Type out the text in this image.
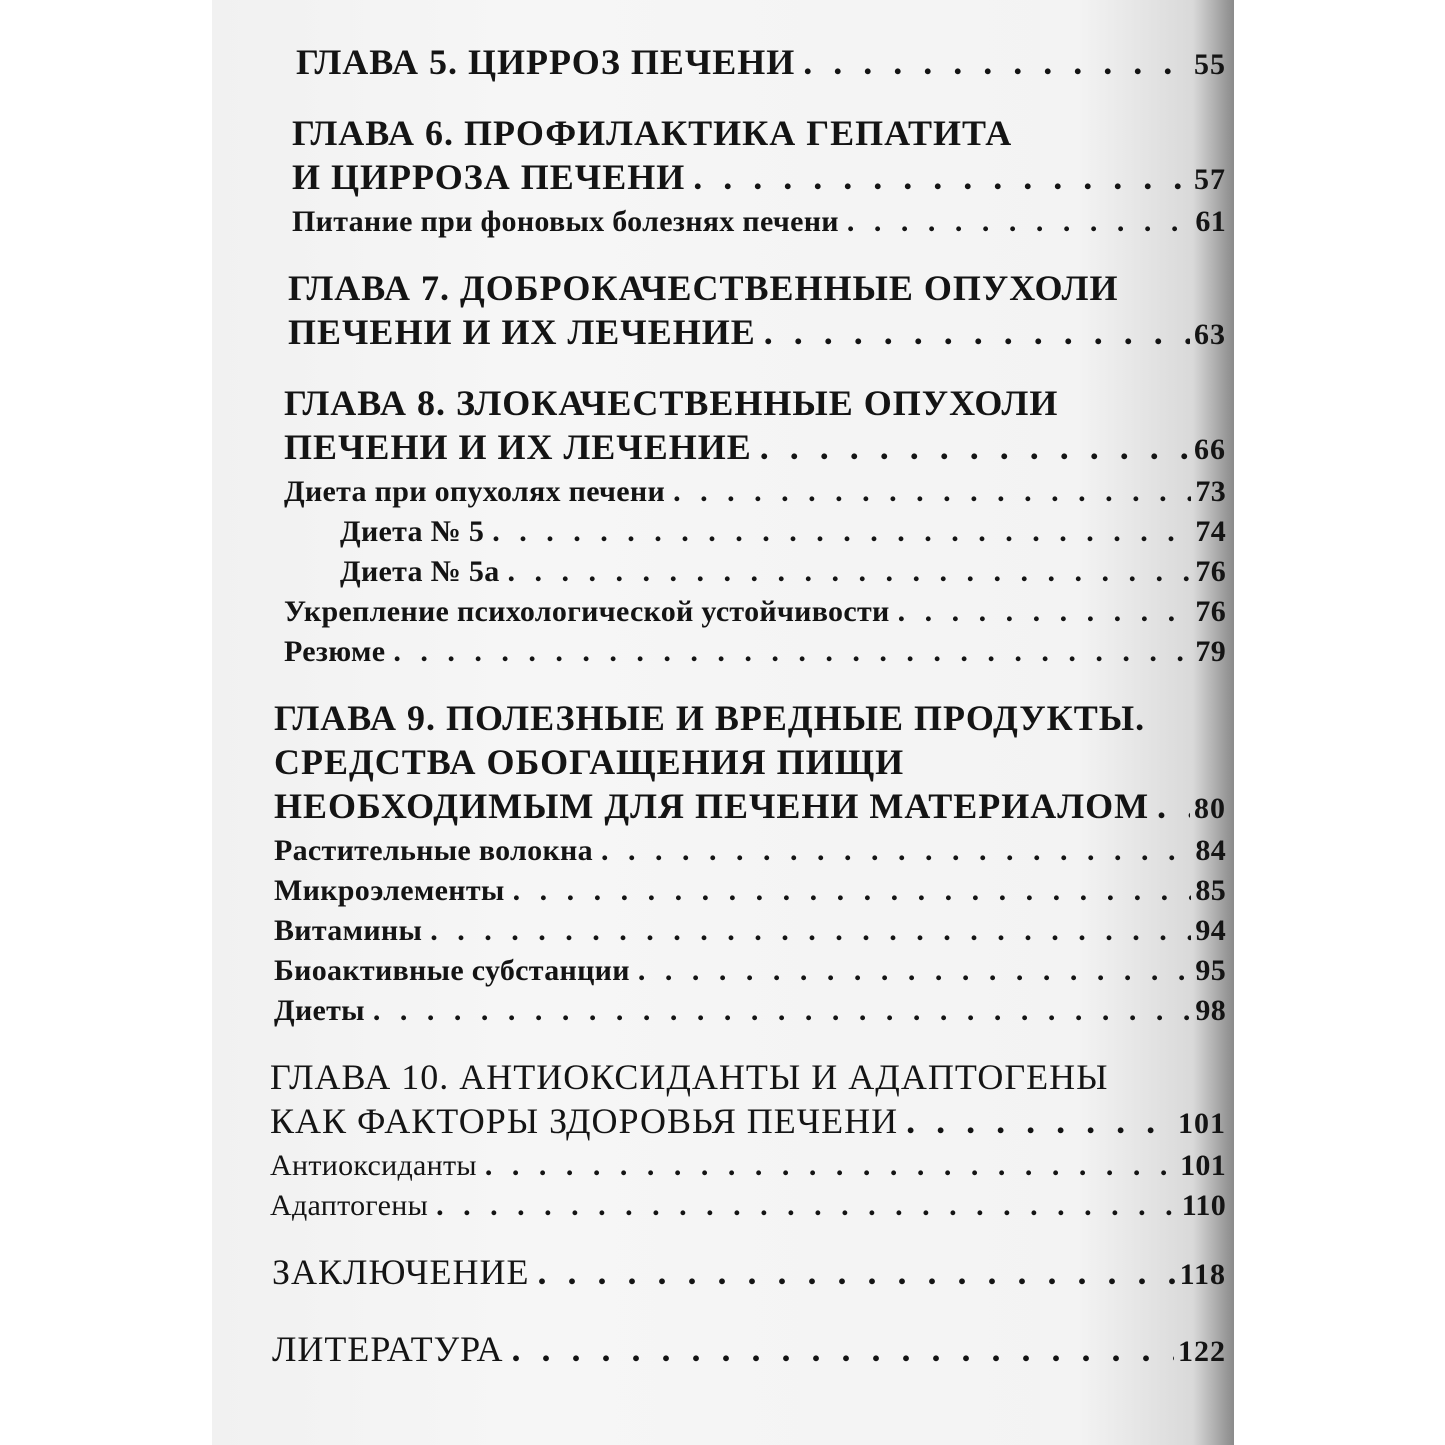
ГЛАВА 5. ЦИРРОЗ ПЕЧЕНИ . . .	55
ГЛАВА 6. ПРОФИЛАКТИКА ГЕПАТИТА
И ЦИРРОЗА ПЕЧЕНИ . . .	57
Питание при фоновых болезнях печени . . .	61
ГЛАВА 7. ДОБРОКАЧЕСТВЕННЫЕ ОПУХОЛИ
ПЕЧЕНИ И ИХ ЛЕЧЕНИЕ . . .	63
ГЛАВА 8. ЗЛОКАЧЕСТВЕННЫЕ ОПУХОЛИ
ПЕЧЕНИ И ИХ ЛЕЧЕНИЕ . . .	66
Диета при опухолях печени . . .	73
Диета № 5 . . .	74
Диета № 5а . . .	76
Укрепление психологической устойчивости . . .	76
Резюме . . .	79
ГЛАВА 9. ПОЛЕЗНЫЕ И ВРЕДНЫЕ ПРОДУКТЫ.
СРЕДСТВА ОБОГАЩЕНИЯ ПИЩИ
НЕОБХОДИМЫМ ДЛЯ ПЕЧЕНИ МАТЕРИАЛОМ . . . 80
Растительные волокна . . .	84
Микроэлементы . . .	85
Витамины . . .	94
Биоактивные субстанции . . .	95
Диеты . . .	98
ГЛАВА 10. АНТИОКСИДАНТЫ И АДАПТОГЕНЫ
КАК ФАКТОРЫ ЗДОРОВЬЯ ПЕЧЕНИ . . .	101
Антиоксиданты . . .	101
Адаптогены . . .	110
ЗАКЛЮЧЕНИЕ . . .	118
ЛИТЕРАТУРА . . .	122
